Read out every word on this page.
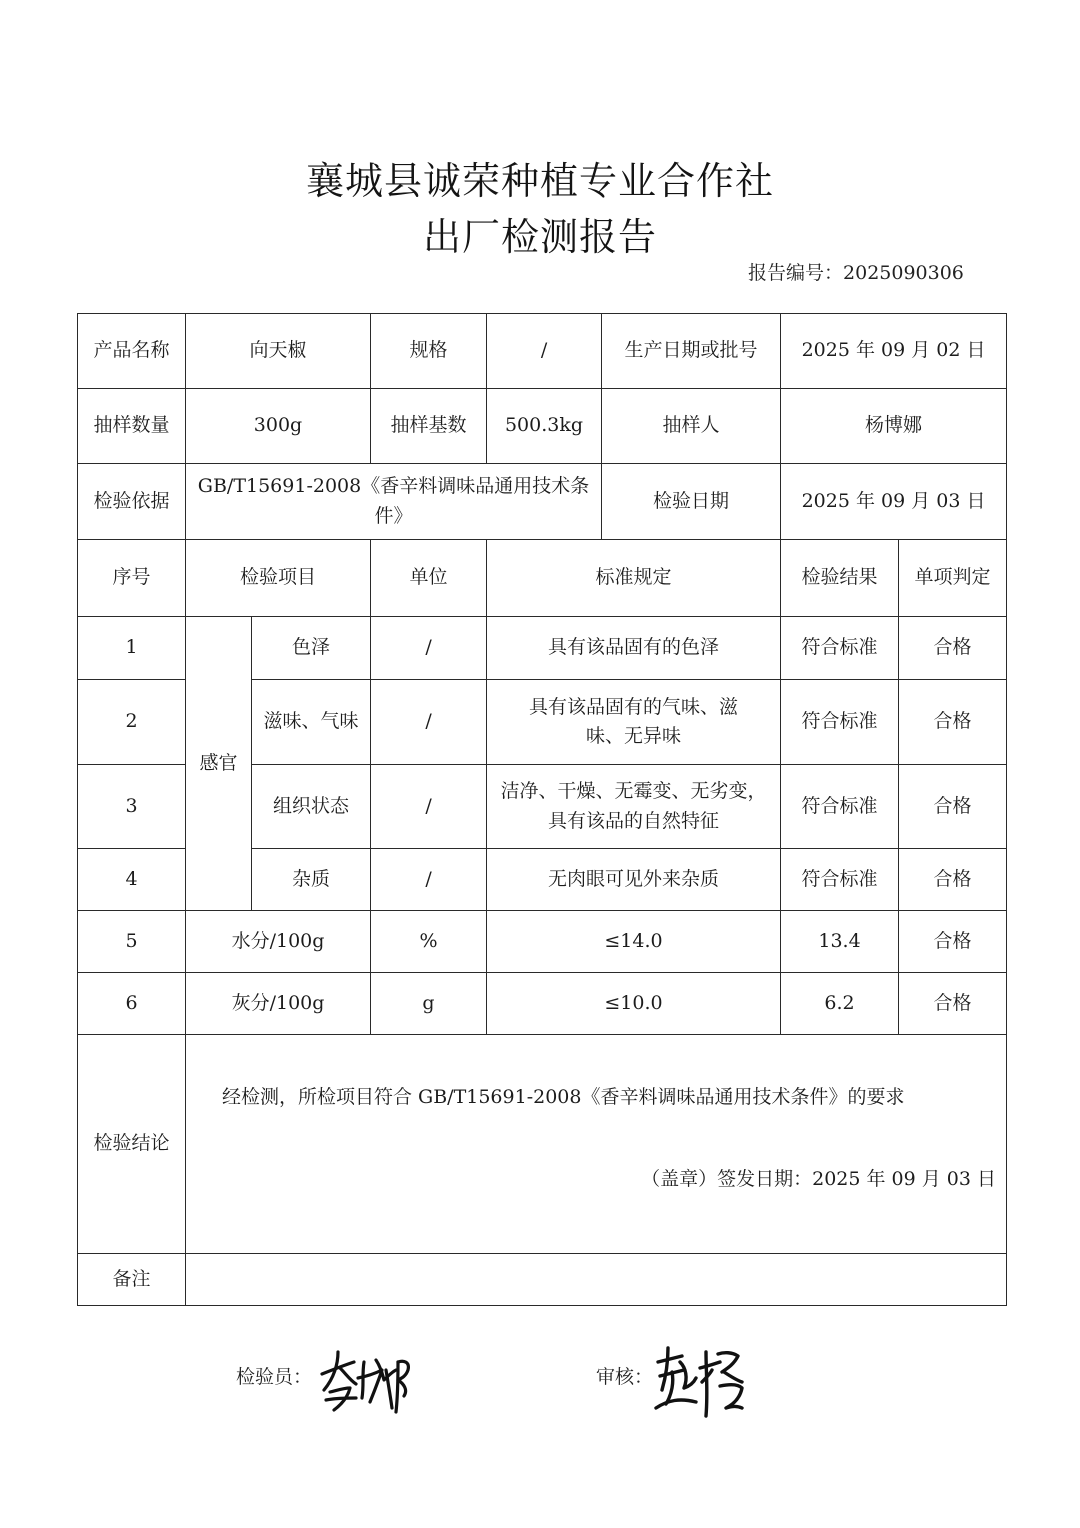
襄城县诚荣种植专业合作社
出厂检测报告
报告编号：2025090306
产品名称	向天椒		规格	/	生产日期或批号	2025 年 09 月 02 日	
抽样数量	300g		抽样基数	500.3kg	抽样人	杨博娜	
检验依据	GB/T15691-2008《香辛料调味品通用技术条件》				检验日期	2025 年 09 月 03 日	
序号	检验项目		单位	标准规定		检验结果	单项判定
1	感官	色泽	/	具有该品固有的色泽		符合标准	合格
2		滋味、气味	/	具有该品固有的气味、滋味、无异味		符合标准	合格
3		组织状态	/	洁净、干燥、无霉变、无劣变，具有该品的自然特征		符合标准	合格
4		杂质	/	无肉眼可见外来杂质		符合标准	合格
5	水分/100g		%	≤14.0		13.4	合格
6	灰分/100g		g	≤10.0		6.2	合格
检验结论	经检测，所检项目符合 GB/T15691-2008《香辛料调味品通用技术条件》的要求
（盖章）签发日期：2025 年 09 月 03 日						

备注							
检验员：	审核：
